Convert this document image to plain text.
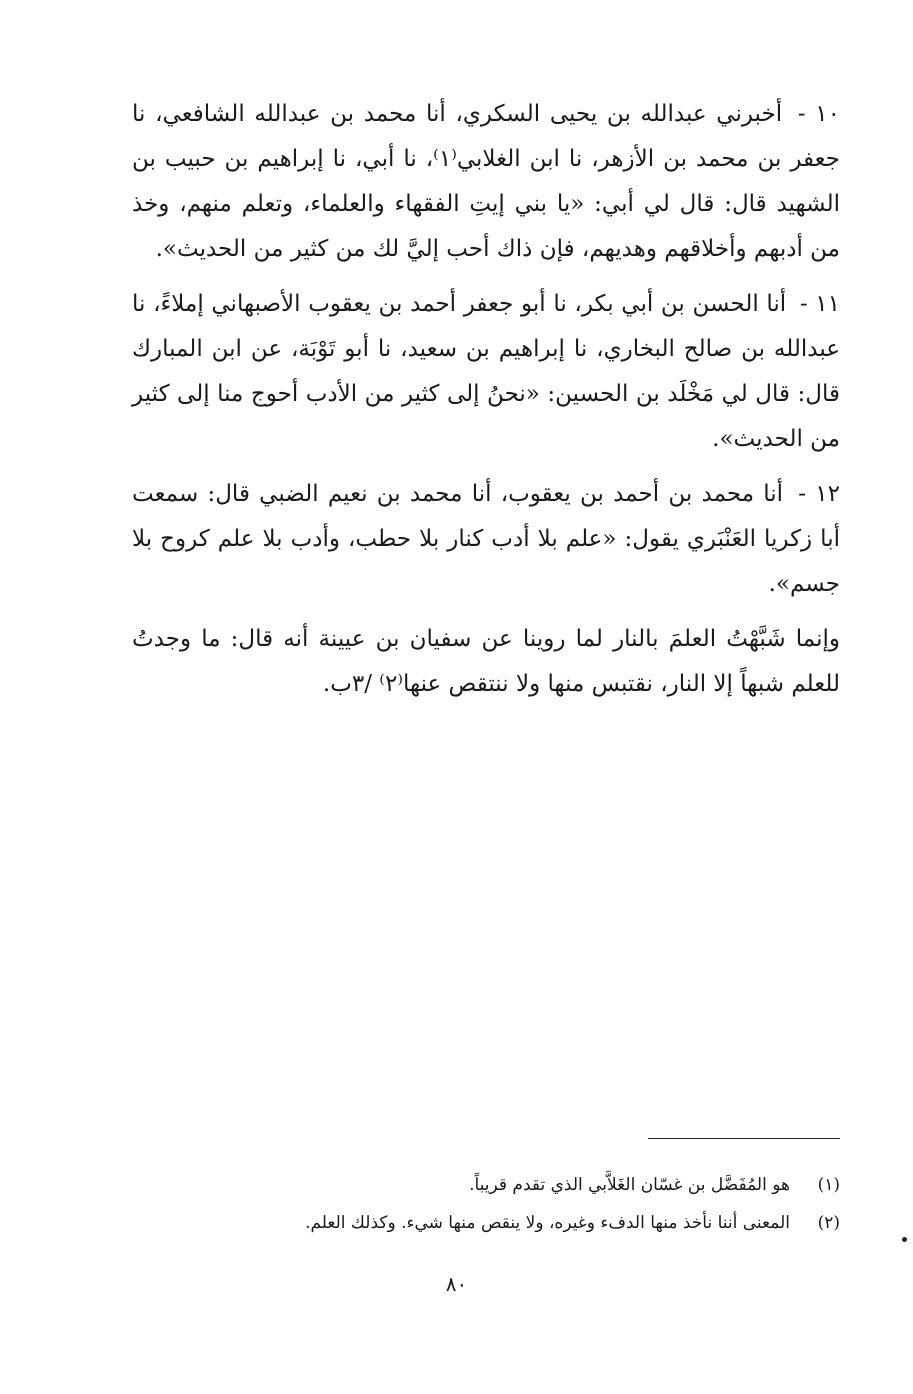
١٠ - أخبرني عبدالله بن يحيى السكري، أنا محمد بن عبدالله الشافعي، نا جعفر بن محمد بن الأزهر، نا ابن الغلابي⁽١⁾، نا أبي، نا إبراهيم بن حبيب بن الشهيد قال: قال لي أبي: «يا بني إيتِ الفقهاء والعلماء، وتعلم منهم، وخذ من أدبهم وأخلاقهم وهديهم، فإن ذاك أحب إليَّ لك من كثير من الحديث».

١١ - أنا الحسن بن أبي بكر، نا أبو جعفر أحمد بن يعقوب الأصبهاني إملاءً، نا عبدالله بن صالح البخاري، نا إبراهيم بن سعيد، نا أبو تَوْبَة، عن ابن المبارك قال: قال لي مَخْلَد بن الحسين: «نحنُ إلى كثير من الأدب أحوج منا إلى كثير من الحديث».

١٢ - أنا محمد بن أحمد بن يعقوب، أنا محمد بن نعيم الضبي قال: سمعت أبا زكريا العَنْبَري يقول: «علم بلا أدب كنار بلا حطب، وأدب بلا علم كروح بلا جسم».

وإنما شَبَّهْتُ العلمَ بالنار لما روينا عن سفيان بن عيينة أنه قال: ما وجدتُ للعلم شبهاً إلا النار، نقتبس منها ولا ننتقص عنها⁽٢⁾ /٣ب.

(١)
هو المُفَضَّل بن غسّان الغَلاَّبي الذي تقدم قريباً.
(٢)
المعنى أننا نأخذ منها الدفء وغيره، ولا ينقص منها شيء. وكذلك العلم.
٨٠
